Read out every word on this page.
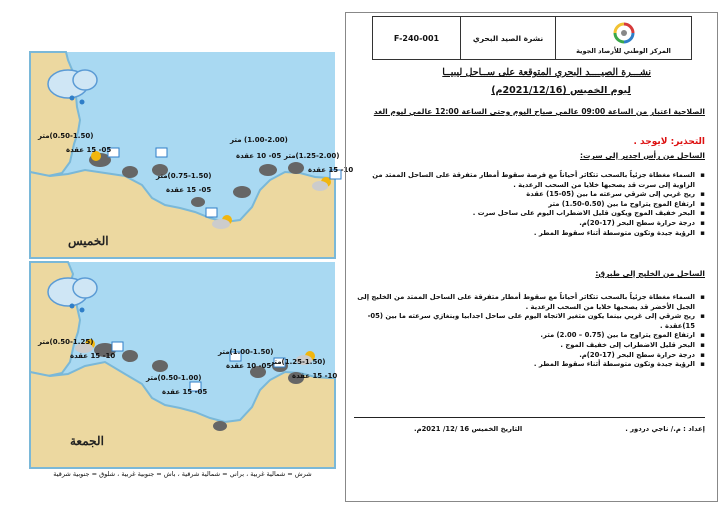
(0.50-1.50)متر
05- 15 عقدة
(1.00-2.00) متر
05- 10 عقدة (1.25-2.00)متر
10- 15 عقدة
(0.75-1.50)متر
05- 15 عقدة
الخميس
(0.50-1.25)متر
10- 15 عقدة	(1.00-1.50)متر
05- 10 عقدة
(1.25-1.50)متر
10- 15 عقدة
(0.50-1.00)متر
05- 15 عقدة
الجمعة
شرش = شمالية غربية ، براني = شمالية شرقية ، باش = جنوبية غربية ، شلوق = جنوبية شرقية
F-240-001	نشرة الصيد البحري
المركز الوطني للأرصاد الجوية
نشـــرة الصيــــد البحري المتوقعة على ســاحل ليبيــا
ليوم الخميس (2021/12/16م)
الصلاحية اعتبار من الساعة 09:00 عالمي صباح اليوم وحتى الساعة 12:00 عالمي ليوم الغد
التحذير: لايوجد .
الساحل من رأس اجدير إلى سرت:
▪ السماء مغطاة جزئياً بالسحب تتكاثر أحياناً مع فرصة سقوط أمطار متفرقة على الساحل الممتد من الزاوية إلى سرت قد يصحبها خلايا من السحب الرعدية .
▪ ريح غربي إلى شرقي سرعته ما بين (05-15) عقدة
▪ ارتفاع الموج يتراوح ما بين (0.50-1.50) متر
▪ البحر خفيف الموج ويكون قليل الاضطراب اليوم على ساحل سرت .
▪ درجة حرارة سطح البحر (17-20)م.
▪ الرؤية جيدة وتكون متوسطة أثناء سقوط المطر .
الساحل من الخليج إلى طبرق:
▪ السماء مغطاة جزئياً بالسحب تتكاثر أحياناً مع سقوط أمطار متفرقة على الساحل الممتد من الخليج إلى الجبل الأخضر قد يصحبها خلايا من السحب الرعدية .
▪ ريح شرقي إلى غربي بينما يكون متغير الاتجاه اليوم على ساحل اجدابيا وبنغازي سرعته ما بين (05-15)عقدة .
▪ ارتفاع الموج يتراوح ما بين (0.75 – 2.00) متر.
▪ البحر قليل الاضطراب إلى خفيف الموج .
▪ درجة حرارة سطح البحر (17-20)م.
▪ الرؤية جيدة وتكون متوسطة أثناء سقوط المطر .
إعداد : م./ ناجي دردور .
التاريخ الخميس 16 /12/ 2021م.
